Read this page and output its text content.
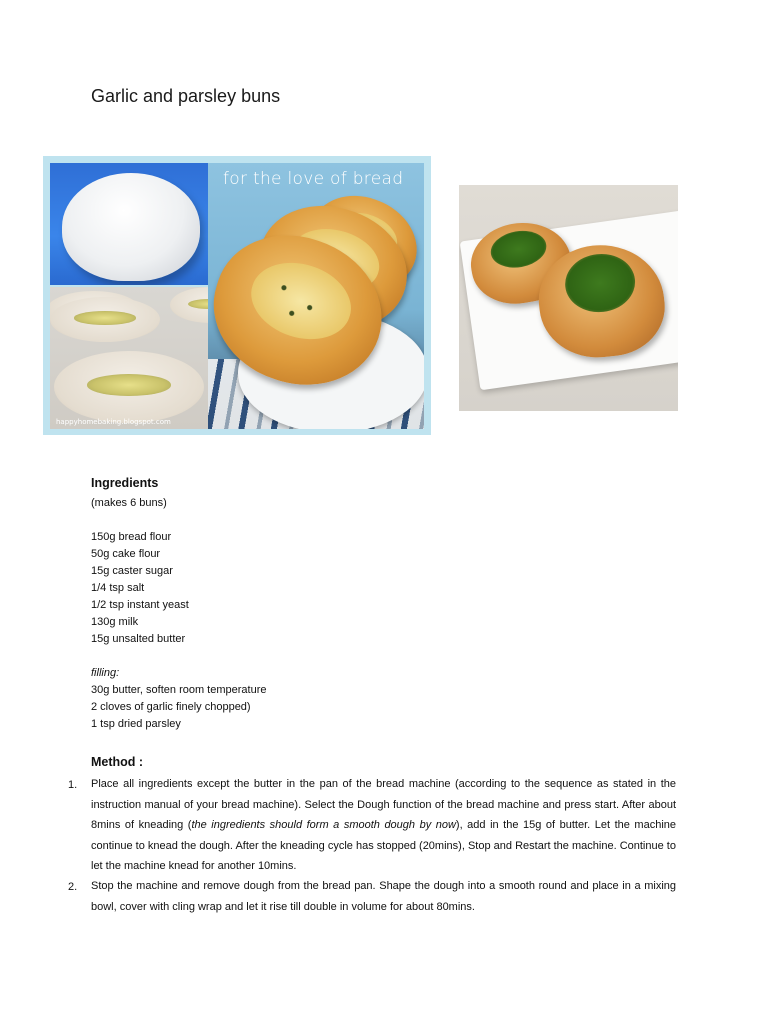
Garlic and parsley buns
happyhomebaking.blogspot.com
for the love of bread
Ingredients
(makes 6 buns)
150g bread flour
50g cake flour
15g caster sugar
1/4 tsp salt
1/2 tsp instant yeast
130g milk
15g unsalted butter
filling:
30g butter, soften room temperature
2 cloves of garlic finely chopped)
1 tsp dried parsley
Method :
1. Place all ingredients except the butter in the pan of the bread machine (according to the sequence as stated in the instruction manual of your bread machine). Select the Dough function of the bread machine and press start. After about 8mins of kneading (the ingredients should form a smooth dough by now), add in the 15g of butter. Let the machine continue to knead the dough. After the kneading cycle has stopped (20mins), Stop and Restart the machine. Continue to let the machine knead for another 10mins.

2. Stop the machine and remove dough from the bread pan. Shape the dough into a smooth round and place in a mixing bowl, cover with cling wrap and let it rise till double in volume for about 80mins.
